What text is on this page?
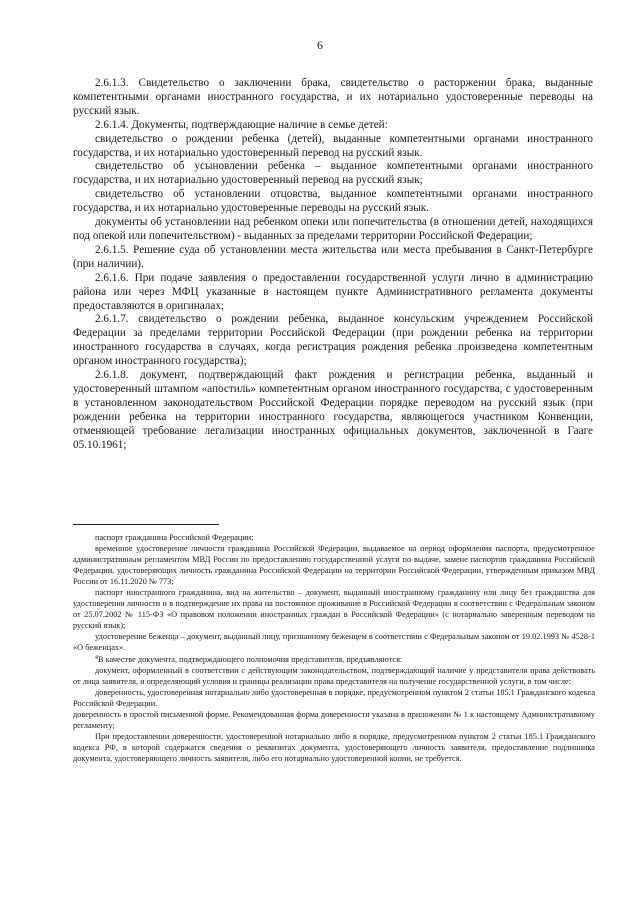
6

2.6.1.3. Свидетельство о заключении брака, свидетельство о расторжении брака, выданные компетентными органами иностранного государства, и их нотариально удостоверенные переводы на русский язык.

2.6.1.4. Документы, подтверждающие наличие в семье детей:

свидетельство о рождении ребенка (детей), выданные компетентными органами иностранного государства, и их нотариально удостоверенный перевод на русский язык.

свидетельство об усыновлении ребенка – выданное компетентными органами иностранного государства, и их нотариально удостоверенный перевод на русский язык;

свидетельство об установлении отцовства, выданное компетентными органами иностранного государства, и их нотариально удостоверенные переводы на русский язык.

документы об установлении над ребенком опеки или попечительства (в отношении детей, находящихся под опекой или попечительством) - выданных за пределами территории Российской Федерации;

2.6.1.5. Решение суда об установлении места жительства или места пребывания в Санкт-Петербурге (при наличии).

2.6.1.6. При подаче заявления о предоставлении государственной услуги лично в администрацию района или через МФЦ указанные в настоящем пункте Административного регламента документы предоставляются в оригиналах;

2.6.1.7. свидетельство о рождении ребенка, выданное консульским учреждением Российской Федерации за пределами территории Российской Федерации (при рождении ребенка на территории иностранного государства в случаях, когда регистрация рождения ребенка произведена компетентным органом иностранного государства);

2.6.1.8. документ, подтверждающий факт рождения и регистрации ребенка, выданный и удостоверенный штампом «апостиль» компетентным органом иностранного государства, с удостоверенным в установленном законодательством Российской Федерации порядке переводом на русский язык (при рождении ребенка на территории иностранного государства, являющегося участником Конвенции, отменяющей требование легализации иностранных официальных документов, заключенной в Гааге 05.10.1961;

паспорт гражданина Российской Федерации;

временное удостоверение личности гражданина Российской Федерации, выдаваемое на период оформления паспорта, предусмотренное административным регламентом МВД России по предоставлению государственной услуги по выдаче, замене паспортов гражданина Российской Федерации, удостоверяющих личность гражданина Российской Федерации на территории Российской Федерации, утвержденным приказом МВД России от 16.11.2020 № 773;

паспорт иностранного гражданина, вид на жительство – документ, выданный иностранному гражданину или лицу без гражданства для удостоверения личности и в подтверждение их права на постоянное проживание в Российской Федерации в соответствии с Федеральным законом от 25.07.2002 № 115-ФЗ «О правовом положении иностранных граждан в Российской Федерации» (с нотариально заверенным переводом на русский язык);

удостоверение беженца – документ, выданный лицу, признанному беженцем в соответствии с Федеральным законом от 19.02.1993 № 4528-1 «О беженцах».

$^4$В качестве документа, подтверждающего полномочия представителя, предъявляются:

документ, оформленный в соответствии с действующим законодательством, подтверждающий наличие у представителя права действовать от лица заявителя, и определяющий условия и границы реализации права представителя на получение государственной услуги, в том числе:

доверенность, удостоверенная нотариально либо удостоверенная в порядке, предусмотренном пунктом 2 статьи 185.1 Гражданского кодекса Российской Федерации.

доверенность в простой письменной форме. Рекомендованная форма доверенности указана в приложении № 1 к настоящему Административному регламенту;

При предоставлении доверенности, удостоверенной нотариально либо в порядке, предусмотренном пунктом 2 статьи 185.1 Гражданского кодекса РФ, в которой содержатся сведения о реквизитах документа, удостоверяющего личность заявителя, предоставление подлинника документа, удостоверяющего личность заявителя, либо его нотариально удостоверенной копии, не требуется.
